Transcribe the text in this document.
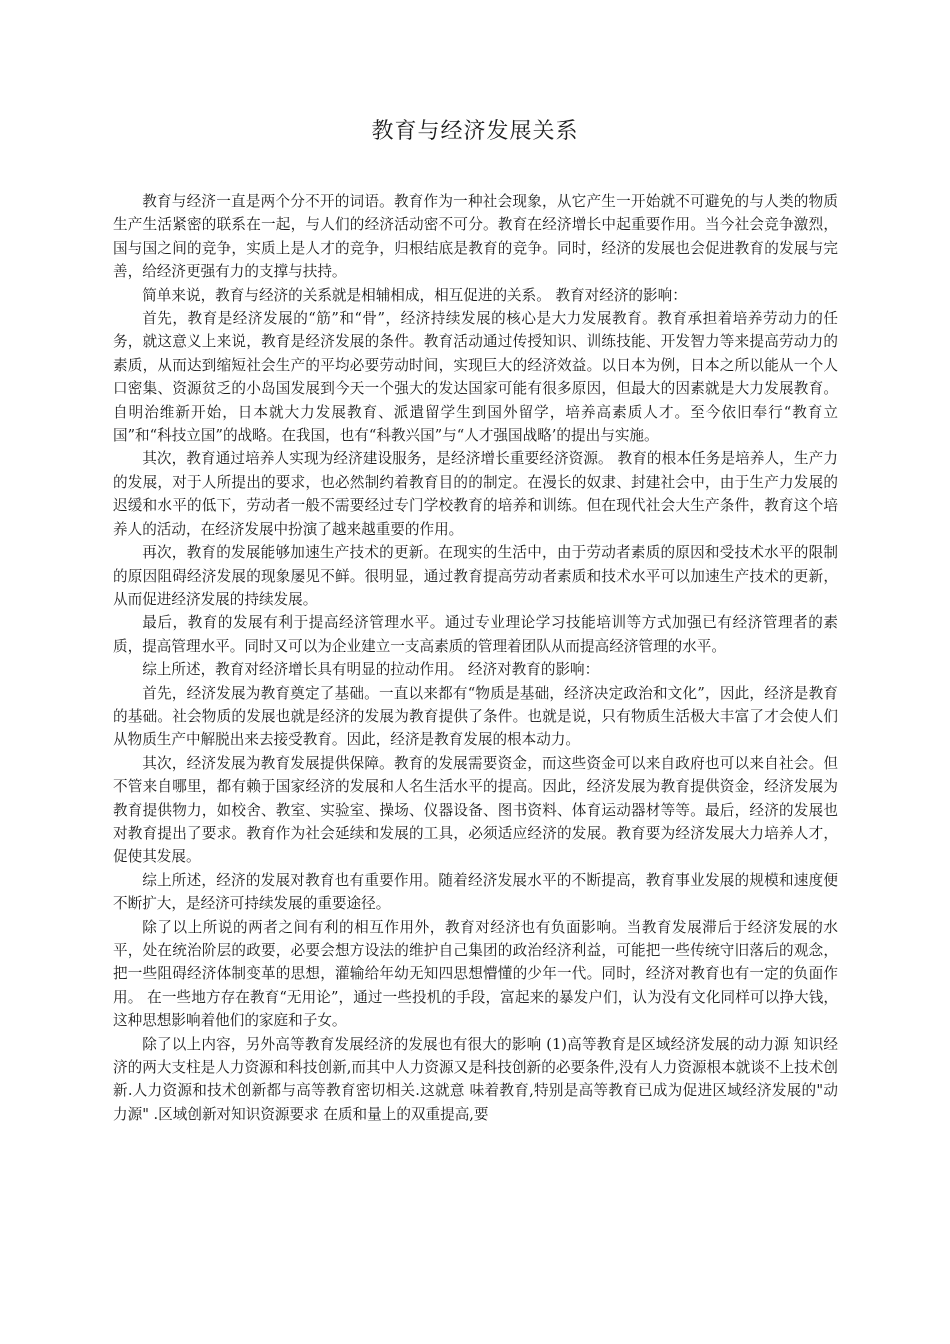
教育与经济发展关系

教育与经济一直是两个分不开的词语。教育作为一种社会现象，从它产生一开始就不可避免的与人类的物质生产生活紧密的联系在一起，与人们的经济活动密不可分。教育在经济增长中起重要作用。当今社会竞争激烈，国与国之间的竞争，实质上是人才的竞争，归根结底是教育的竞争。同时，经济的发展也会促进教育的发展与完善，给经济更强有力的支撑与扶持。

简单来说，教育与经济的关系就是相辅相成，相互促进的关系。 教育对经济的影响：

首先，教育是经济发展的“筋”和“骨”，经济持续发展的核心是大力发展教育。教育承担着培养劳动力的任务，就这意义上来说，教育是经济发展的条件。教育活动通过传授知识、训练技能、开发智力等来提高劳动力的素质，从而达到缩短社会生产的平均必要劳动时间，实现巨大的经济效益。以日本为例，日本之所以能从一个人口密集、资源贫乏的小岛国发展到今天一个强大的发达国家可能有很多原因，但最大的因素就是大力发展教育。自明治维新开始，日本就大力发展教育、派遣留学生到国外留学，培养高素质人才。至今依旧奉行“教育立国”和“科技立国”的战略。在我国，也有“科教兴国”与“人才强国战略’的提出与实施。

其次，教育通过培养人实现为经济建设服务，是经济增长重要经济资源。 教育的根本任务是培养人，生产力的发展，对于人所提出的要求，也必然制约着教育目的的制定。在漫长的奴隶、封建社会中，由于生产力发展的迟缓和水平的低下，劳动者一般不需要经过专门学校教育的培养和训练。但在现代社会大生产条件，教育这个培养人的活动，在经济发展中扮演了越来越重要的作用。

再次，教育的发展能够加速生产技术的更新。在现实的生活中，由于劳动者素质的原因和受技术水平的限制的原因阻碍经济发展的现象屡见不鲜。很明显，通过教育提高劳动者素质和技术水平可以加速生产技术的更新，从而促进经济发展的持续发展。

最后，教育的发展有利于提高经济管理水平。通过专业理论学习技能培训等方式加强已有经济管理者的素质，提高管理水平。同时又可以为企业建立一支高素质的管理着团队从而提高经济管理的水平。

综上所述，教育对经济增长具有明显的拉动作用。 经济对教育的影响：

首先，经济发展为教育奠定了基础。一直以来都有“物质是基础，经济决定政治和文化”，因此，经济是教育的基础。社会物质的发展也就是经济的发展为教育提供了条件。也就是说，只有物质生活极大丰富了才会使人们从物质生产中解脱出来去接受教育。因此，经济是教育发展的根本动力。

其次，经济发展为教育发展提供保障。教育的发展需要资金，而这些资金可以来自政府也可以来自社会。但不管来自哪里，都有赖于国家经济的发展和人名生活水平的提高。因此，经济发展为教育提供资金，经济发展为教育提供物力，如校舍、教室、实验室、操场、仪器设备、图书资料、体育运动器材等等。最后，经济的发展也对教育提出了要求。教育作为社会延续和发展的工具，必须适应经济的发展。教育要为经济发展大力培养人才，促使其发展。

综上所述，经济的发展对教育也有重要作用。随着经济发展水平的不断提高，教育事业发展的规模和速度便不断扩大，是经济可持续发展的重要途径。

除了以上所说的两者之间有利的相互作用外，教育对经济也有负面影响。当教育发展滞后于经济发展的水平，处在统治阶层的政要，必要会想方设法的维护自己集团的政治经济利益，可能把一些传统守旧落后的观念，把一些阻碍经济体制变革的思想，灌输给年幼无知四思想懵懂的少年一代。同时，经济对教育也有一定的负面作用。 在一些地方存在教育“无用论”，通过一些投机的手段，富起来的暴发户们，认为没有文化同样可以挣大钱，这种思想影响着他们的家庭和子女。

除了以上内容，另外高等教育发展经济的发展也有很大的影响 (1)高等教育是区域经济发展的动力源 知识经济的两大支柱是人力资源和科技创新,而其中人力资源又是科技创新的必要条件,没有人力资源根本就谈不上技术创新.人力资源和技术创新都与高等教育密切相关.这就意 味着教育,特别是高等教育已成为促进区域经济发展的"动力源" .区域创新对知识资源要求 在质和量上的双重提高,要
